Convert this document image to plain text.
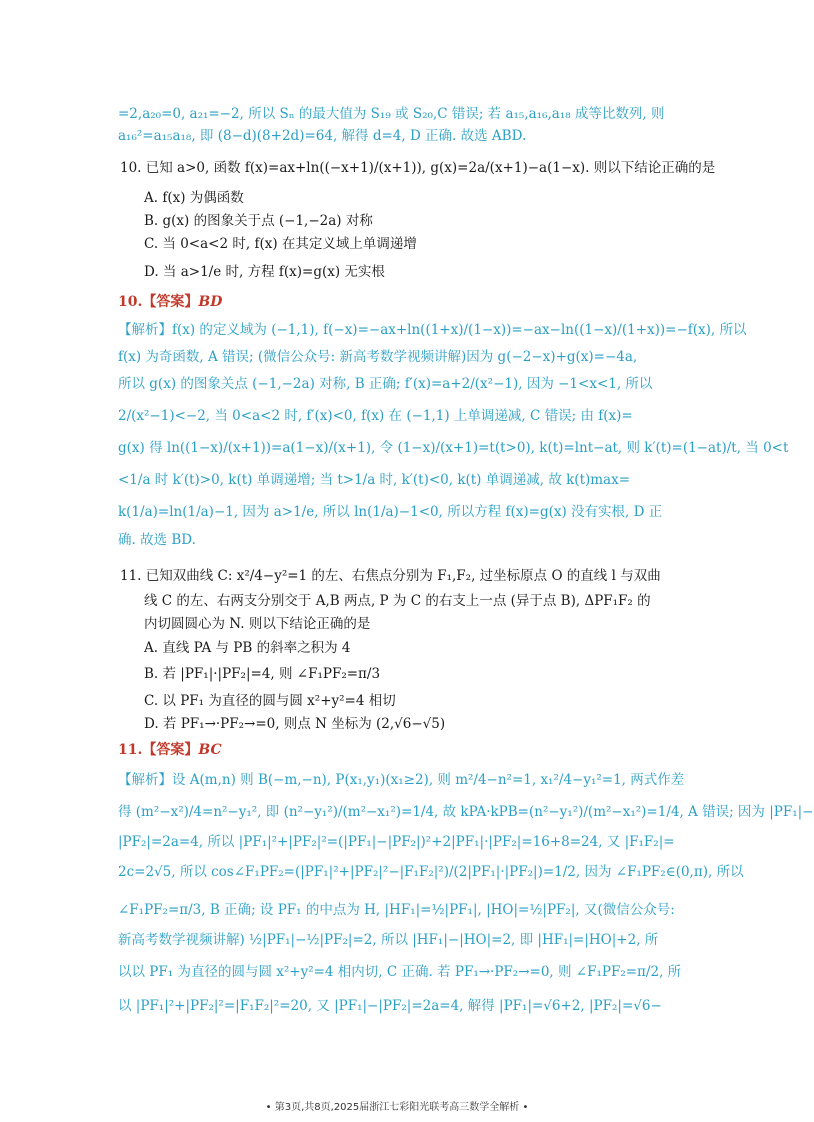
=2,a₂₀=0, a₂₁=−2, 所以 Sₙ 的最大值为 S₁₉ 或 S₂₀,C 错误; 若 a₁₅,a₁₆,a₁₈ 成等比数列, 则
a₁₆²=a₁₅a₁₈, 即 (8−d)(8+2d)=64, 解得 d=4, D 正确. 故选 ABD.
10. 已知 a>0, 函数 f(x)=ax+ln((−x+1)/(x+1)), g(x)=2a/(x+1)−a(1−x). 则以下结论正确的是
A. f(x) 为偶函数
B. g(x) 的图象关于点 (−1,−2a) 对称
C. 当 0<a<2 时, f(x) 在其定义域上单调递增
D. 当 a>1/e 时, 方程 f(x)=g(x) 无实根
10.【答案】BD
【解析】f(x) 的定义域为 (−1,1), f(−x)=−ax+ln((1+x)/(1−x))=−ax−ln((1−x)/(1+x))=−f(x), 所以
f(x) 为奇函数, A 错误; (微信公众号: 新高考数学视频讲解)因为 g(−2−x)+g(x)=−4a,
所以 g(x) 的图象关点 (−1,−2a) 对称, B 正确; f′(x)=a+2/(x²−1), 因为 −1<x<1, 所以
2/(x²−1)<−2, 当 0<a<2 时, f′(x)<0, f(x) 在 (−1,1) 上单调递减, C 错误; 由 f(x)=
g(x) 得 ln((1−x)/(x+1))=a(1−x)/(x+1), 令 (1−x)/(x+1)=t(t>0), k(t)=lnt−at, 则 k′(t)=(1−at)/t, 当 0<t
<1/a 时 k′(t)>0, k(t) 单调递增; 当 t>1/a 时, k′(t)<0, k(t) 单调递减, 故 k(t)max=
k(1/a)=ln(1/a)−1, 因为 a>1/e, 所以 ln(1/a)−1<0, 所以方程 f(x)=g(x) 没有实根, D 正
确. 故选 BD.
11. 已知双曲线 C: x²/4−y²=1 的左、右焦点分别为 F₁,F₂, 过坐标原点 O 的直线 l 与双曲
线 C 的左、右两支分别交于 A,B 两点, P 为 C 的右支上一点 (异于点 B), ΔPF₁F₂ 的
内切圆圆心为 N. 则以下结论正确的是
A. 直线 PA 与 PB 的斜率之积为 4
B. 若 |PF₁|·|PF₂|=4, 则 ∠F₁PF₂=π/3
C. 以 PF₁ 为直径的圆与圆 x²+y²=4 相切
D. 若 PF₁→·PF₂→=0, 则点 N 坐标为 (2,√6−√5)
11.【答案】BC
【解析】设 A(m,n) 则 B(−m,−n), P(x₁,y₁)(x₁≥2), 则 m²/4−n²=1, x₁²/4−y₁²=1, 两式作差
得 (m²−x²)/4=n²−y₁², 即 (n²−y₁²)/(m²−x₁²)=1/4, 故 kPA·kPB=(n²−y₁²)/(m²−x₁²)=1/4, A 错误; 因为 |PF₁|−
|PF₂|=2a=4, 所以 |PF₁|²+|PF₂|²=(|PF₁|−|PF₂|)²+2|PF₁|·|PF₂|=16+8=24, 又 |F₁F₂|=
2c=2√5, 所以 cos∠F₁PF₂=(|PF₁|²+|PF₂|²−|F₁F₂|²)/(2|PF₁|·|PF₂|)=1/2, 因为 ∠F₁PF₂∈(0,π), 所以
∠F₁PF₂=π/3, B 正确; 设 PF₁ 的中点为 H, |HF₁|=½|PF₁|, |HO|=½|PF₂|, 又(微信公众号:
新高考数学视频讲解) ½|PF₁|−½|PF₂|=2, 所以 |HF₁|−|HO|=2, 即 |HF₁|=|HO|+2, 所
以以 PF₁ 为直径的圆与圆 x²+y²=4 相内切, C 正确. 若 PF₁→·PF₂→=0, 则 ∠F₁PF₂=π/2, 所
以 |PF₁|²+|PF₂|²=|F₁F₂|²=20, 又 |PF₁|−|PF₂|=2a=4, 解得 |PF₁|=√6+2, |PF₂|=√6−
• 第3页,共8页,2025届浙江七彩阳光联考高三数学全解析 •
